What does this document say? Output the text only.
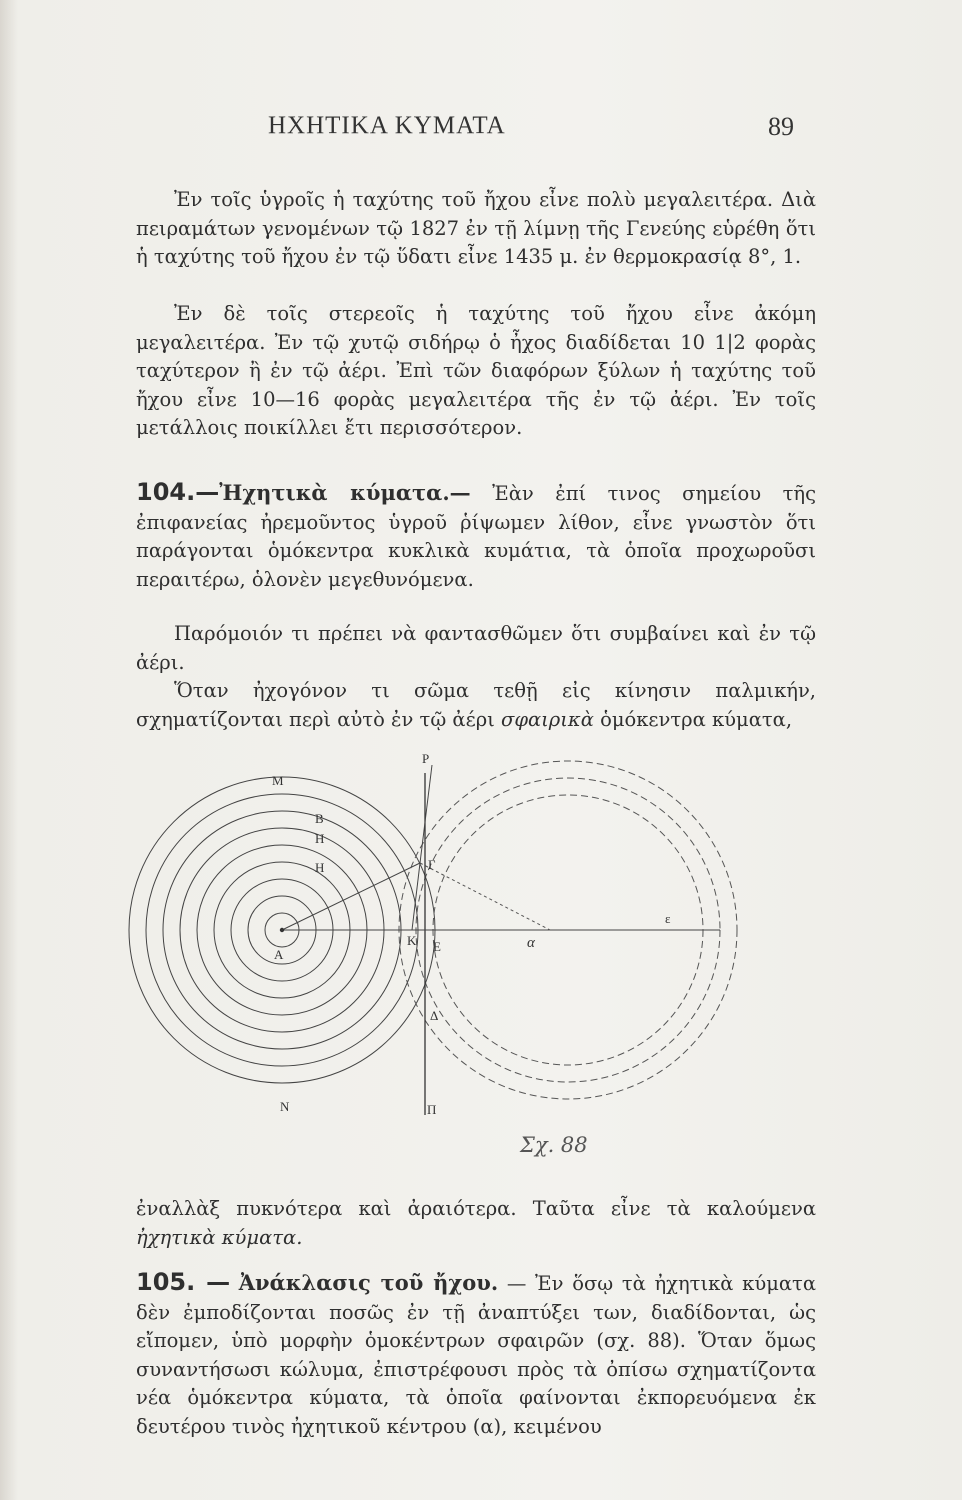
ΗΧΗΤΙΚΑ ΚΥΜΑΤΑ	89

Ἐν τοῖς ὑγροῖς ἡ ταχύτης τοῦ ἤχου εἶνε πολὺ μεγαλειτέρα. Διὰ πειραμάτων γενομένων τῷ 1827 ἐν τῇ λίμνῃ τῆς Γενεύης εὑρέθη ὅτι ἡ ταχύτης τοῦ ἤχου ἐν τῷ ὕδατι εἶνε 1435 μ. ἐν θερμοκρασίᾳ 8°, 1.

Ἐν δὲ τοῖς στερεοῖς ἡ ταχύτης τοῦ ἤχου εἶνε ἀκόμη μεγαλειτέρα. Ἐν τῷ χυτῷ σιδήρῳ ὁ ἦχος διαδίδεται 10 1|2 φορὰς ταχύτερον ἢ ἐν τῷ ἀέρι. Ἐπὶ τῶν διαφόρων ξύλων ἡ ταχύτης τοῦ ἤχου εἶνε 10—16 φορὰς μεγαλειτέρα τῆς ἐν τῷ ἀέρι. Ἐν τοῖς μετάλλοις ποικίλλει ἔτι περισσότερον.

104.—Ἠχητικὰ κύματα.— Ἐὰν ἐπί τινος σημείου τῆς ἐπιφανείας ἠρεμοῦντος ὑγροῦ ῥίψωμεν λίθον, εἶνε γνωστὸν ὅτι παράγονται ὁμόκεντρα κυκλικὰ κυμάτια, τὰ ὁποῖα προχωροῦσι περαιτέρω, ὁλονὲν μεγεθυνόμενα.

Παρόμοιόν τι πρέπει νὰ φαντασθῶμεν ὅτι συμβαίνει καὶ ἐν τῷ ἀέρι.

Ὅταν ἠχογόνον τι σῶμα τεθῇ εἰς κίνησιν παλμικήν, σχηματίζονται περὶ αὐτὸ ἐν τῷ ἀέρι σφαιρικὰ ὁμόκεντρα κύματα,

M
B
H
H
A
K E	α
Γ
Δ
P
Π
N
ε
Σχ. 88

ἐναλλὰξ πυκνότερα καὶ ἀραιότερα. Ταῦτα εἶνε τὰ καλούμενα ἠχητικὰ κύματα.

105. — Ἀνάκλασις τοῦ ἤχου. — Ἐν ὅσῳ τὰ ἠχητικὰ κύματα δὲν ἐμποδίζονται ποσῶς ἐν τῇ ἀναπτύξει των, διαδίδονται, ὡς εἴπομεν, ὑπὸ μορφὴν ὁμοκέντρων σφαιρῶν (σχ. 88). Ὅταν ὅμως συναντήσωσι κώλυμα, ἐπιστρέφουσι πρὸς τὰ ὀπίσω σχηματίζοντα νέα ὁμόκεντρα κύματα, τὰ ὁποῖα φαίνονται ἐκπορευόμενα ἐκ δευτέρου τινὸς ἠχητικοῦ κέντρου (α), κειμένου
